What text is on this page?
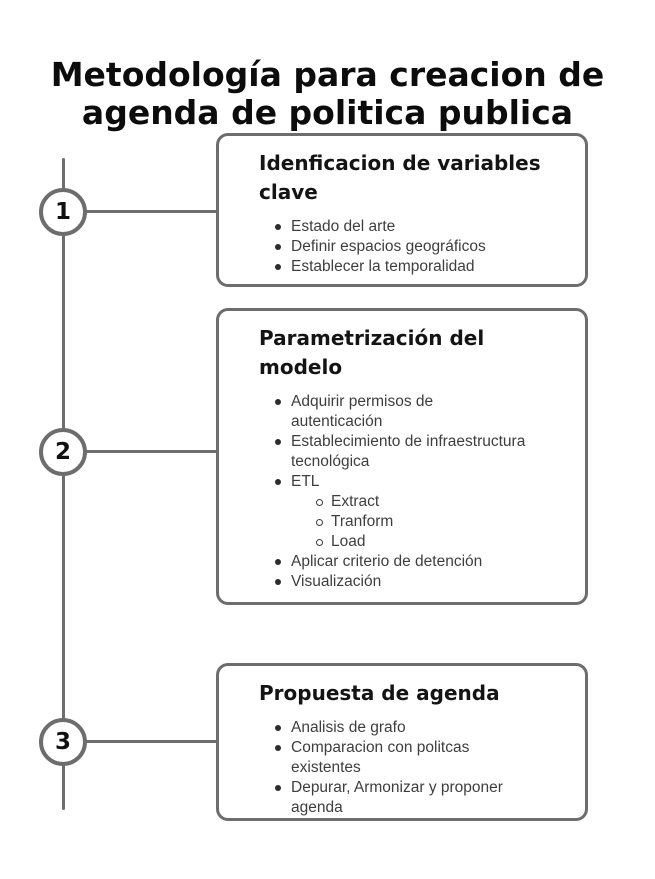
Metodología para creacion de
agenda de politica publica
1
2
3
Idenficacion de variables
clave
Estado del arte
Definir espacios geográficos
Establecer la temporalidad
Parametrización del
modelo
Adquirir permisos de autenticación
Establecimiento de infraestructura tecnológica
ETL
Extract
Tranform
Load
Aplicar criterio de detención
Visualización
Propuesta de agenda
Analisis de grafo
Comparacion con politcas existentes
Depurar, Armonizar y proponer agenda
